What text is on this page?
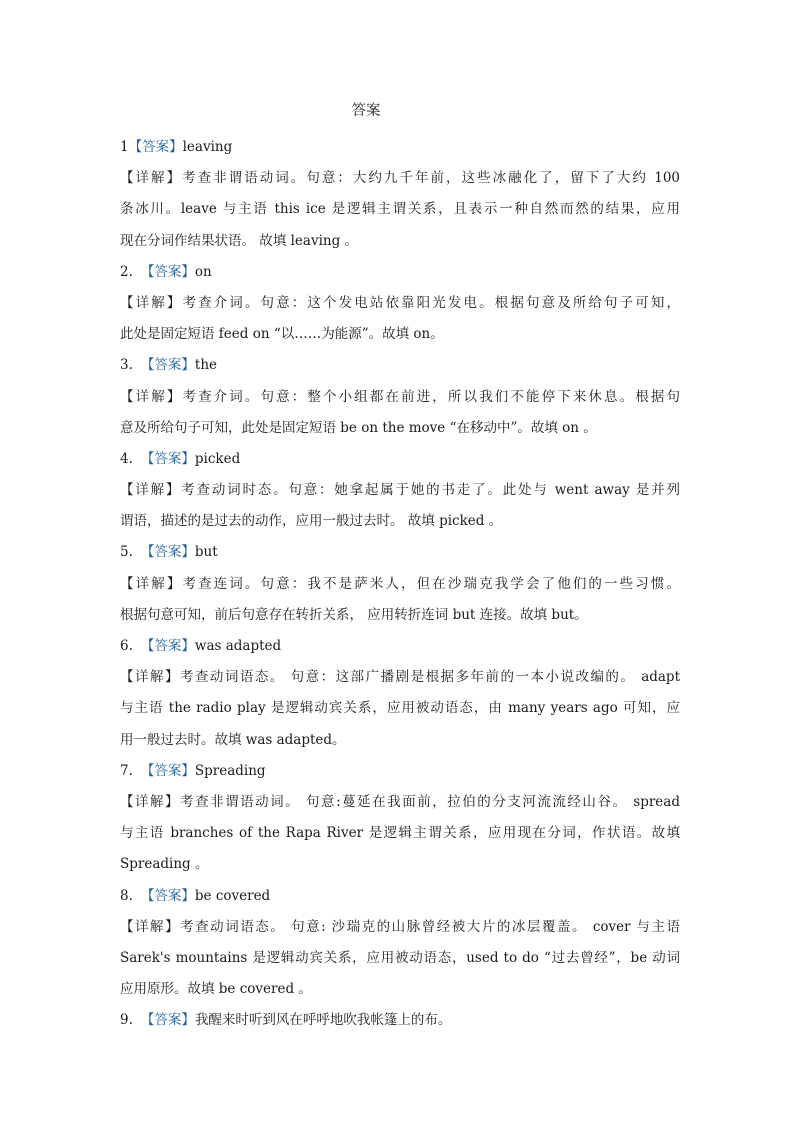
答案
1【答案】leaving
【详解】考查非谓语动词。句意：大约九千年前，这些冰融化了，留下了大约 100
条冰川。leave 与主语 this ice 是逻辑主谓关系，且表示一种自然而然的结果，应用
现在分词作结果状语。 故填 leaving 。
2. 【答案】on
【详解】考查介词。句意：这个发电站依靠阳光发电。根据句意及所给句子可知，
此处是固定短语 feed on “以……为能源”。故填 on。
3. 【答案】the
【详解】考查介词。句意：整个小组都在前进，所以我们不能停下来休息。根据句
意及所给句子可知，此处是固定短语 be on the move “在移动中”。故填 on 。
4. 【答案】picked
【详解】考查动词时态。句意：她拿起属于她的书走了。此处与 went away 是并列
谓语，描述的是过去的动作，应用一般过去时。 故填 picked 。
5. 【答案】but
【详解】考查连词。句意：我不是萨米人，但在沙瑞克我学会了他们的一些习惯。
根据句意可知，前后句意存在转折关系， 应用转折连词 but 连接。故填 but。
6. 【答案】was adapted
【详解】考查动词语态。 句意：这部广播剧是根据多年前的一本小说改编的。 adapt
与主语 the radio play 是逻辑动宾关系，应用被动语态，由 many years ago 可知，应
用一般过去时。故填 was adapted。
7. 【答案】Spreading
【详解】考查非谓语动词。 句意:蔓延在我面前，拉伯的分支河流流经山谷。 spread
与主语 branches of the Rapa River 是逻辑主谓关系，应用现在分词，作状语。故填
Spreading 。
8. 【答案】be covered
【详解】考查动词语态。 句意: 沙瑞克的山脉曾经被大片的冰层覆盖。 cover 与主语
Sarek's mountains 是逻辑动宾关系，应用被动语态，used to do “过去曾经”，be 动词
应用原形。故填 be covered 。
9. 【答案】我醒来时听到风在呼呼地吹我帐篷上的布。
